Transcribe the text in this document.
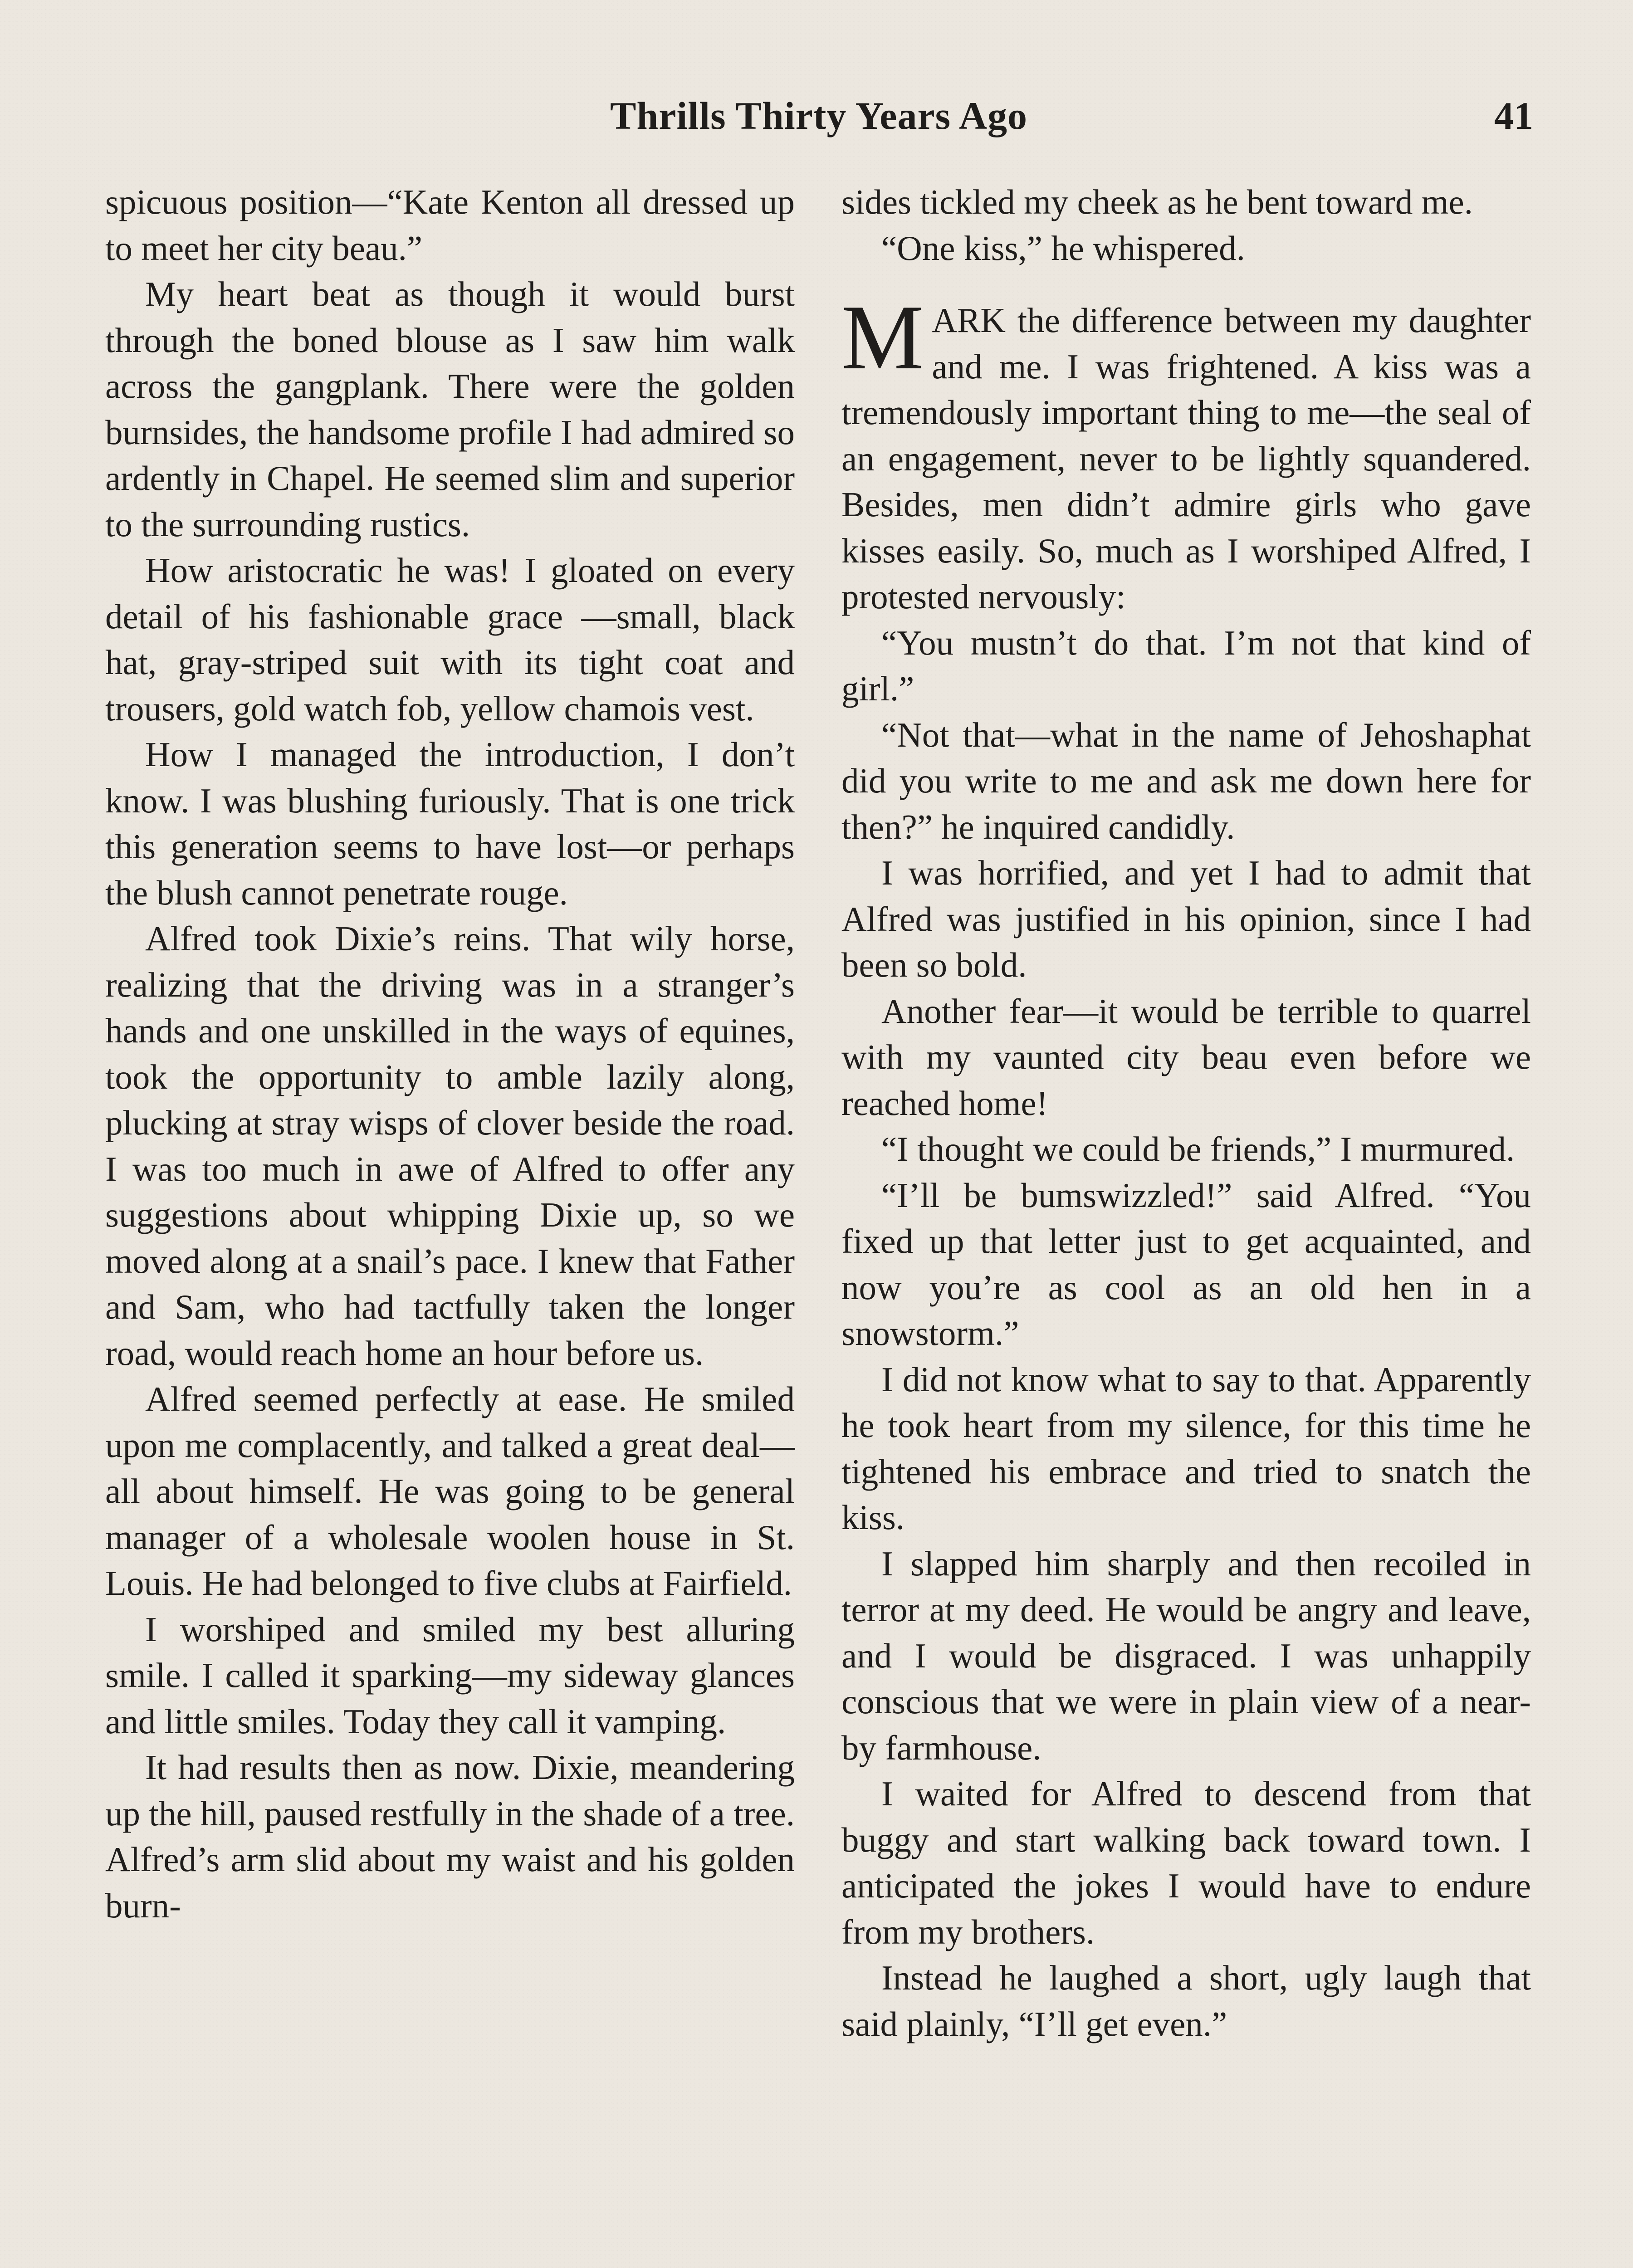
Thrills Thirty Years Ago	41

spicuous position—“Kate Kenton all dressed up to meet her city beau.”

My heart beat as though it would burst through the boned blouse as I saw him walk across the gangplank. There were the golden burnsides, the handsome profile I had admired so ardently in Chapel. He seemed slim and superior to the surrounding rustics.

How aristocratic he was! I gloated on every detail of his fashionable grace —small, black hat, gray-striped suit with its tight coat and trousers, gold watch fob, yellow chamois vest.

How I managed the introduction, I don’t know. I was blushing furiously. That is one trick this generation seems to have lost—or perhaps the blush cannot penetrate rouge.

Alfred took Dixie’s reins. That wily horse, realizing that the driving was in a stranger’s hands and one unskilled in the ways of equines, took the opportunity to amble lazily along, plucking at stray wisps of clover beside the road. I was too much in awe of Alfred to offer any suggestions about whipping Dixie up, so we moved along at a snail’s pace. I knew that Father and Sam, who had tactfully taken the longer road, would reach home an hour before us.

Alfred seemed perfectly at ease. He smiled upon me complacently, and talked a great deal—all about himself. He was going to be general manager of a wholesale woolen house in St. Louis. He had belonged to five clubs at Fairfield.

I worshiped and smiled my best alluring smile. I called it sparking—my sideway glances and little smiles. Today they call it vamping.

It had results then as now. Dixie, meandering up the hill, paused restfully in the shade of a tree. Alfred’s arm slid about my waist and his golden burn-

sides tickled my cheek as he bent toward me.

“One kiss,” he whispered.

MARK the difference between my daughter and me. I was frightened. A kiss was a tremendously important thing to me—the seal of an engagement, never to be lightly squandered. Besides, men didn’t admire girls who gave kisses easily. So, much as I worshiped Alfred, I protested nervously:

“You mustn’t do that. I’m not that kind of girl.”

“Not that—what in the name of Jehoshaphat did you write to me and ask me down here for then?” he inquired candidly.

I was horrified, and yet I had to admit that Alfred was justified in his opinion, since I had been so bold.

Another fear—it would be terrible to quarrel with my vaunted city beau even before we reached home!

“I thought we could be friends,” I murmured.

“I’ll be bumswizzled!” said Alfred. “You fixed up that letter just to get acquainted, and now you’re as cool as an old hen in a snowstorm.”

I did not know what to say to that. Apparently he took heart from my silence, for this time he tightened his embrace and tried to snatch the kiss.

I slapped him sharply and then recoiled in terror at my deed. He would be angry and leave, and I would be disgraced. I was unhappily conscious that we were in plain view of a near-by farmhouse.

I waited for Alfred to descend from that buggy and start walking back toward town. I anticipated the jokes I would have to endure from my brothers.

Instead he laughed a short, ugly laugh that said plainly, “I’ll get even.”
